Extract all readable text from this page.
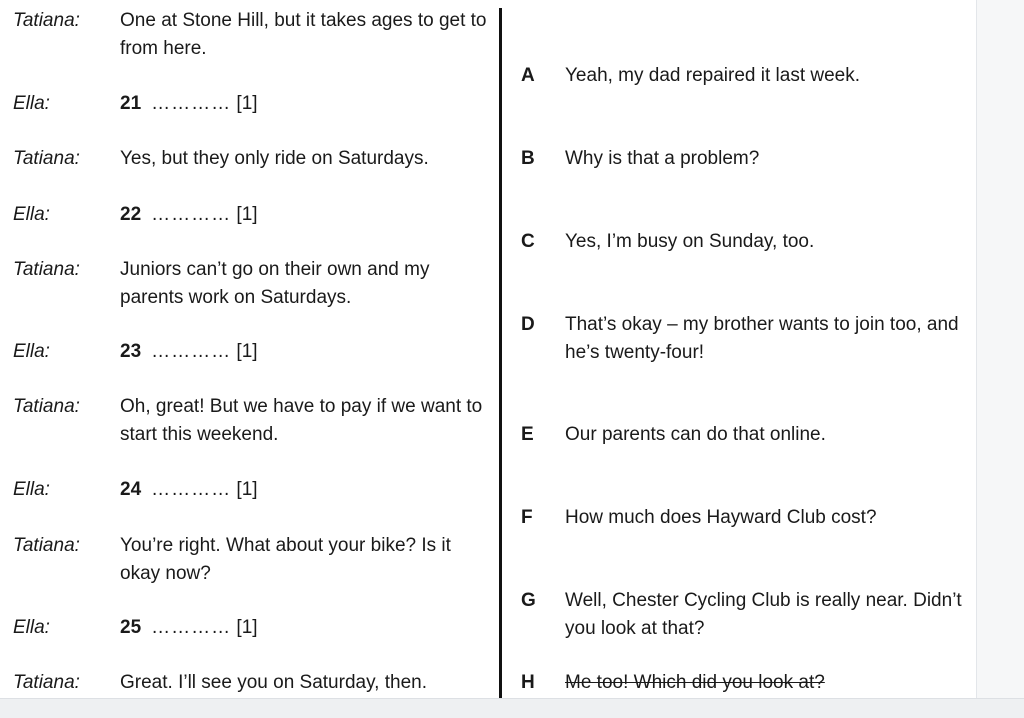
Tatiana: One at Stone Hill, but it takes ages to get to from here.
Ella:	21 ………… [1]
Tatiana: Yes, but they only ride on Saturdays.
Ella:	22 ………… [1]
Tatiana: Juniors can’t go on their own and my parents work on Saturdays.
Ella:	23 ………… [1]
Tatiana: Oh, great! But we have to pay if we want to start this weekend.
Ella:	24 ………… [1]
Tatiana: You’re right. What about your bike? Is it okay now?
Ella:	25 ………… [1]
Tatiana: Great. I’ll see you on Saturday, then.
A Yeah, my dad repaired it last week.
B Why is that a problem?
C Yes, I’m busy on Sunday, too.
D That’s okay – my brother wants to join too, and he’s twenty-four!
E Our parents can do that online.
F How much does Hayward Club cost?
G Well, Chester Cycling Club is really near. Didn’t you look at that?
H Me too! Which did you look at?
